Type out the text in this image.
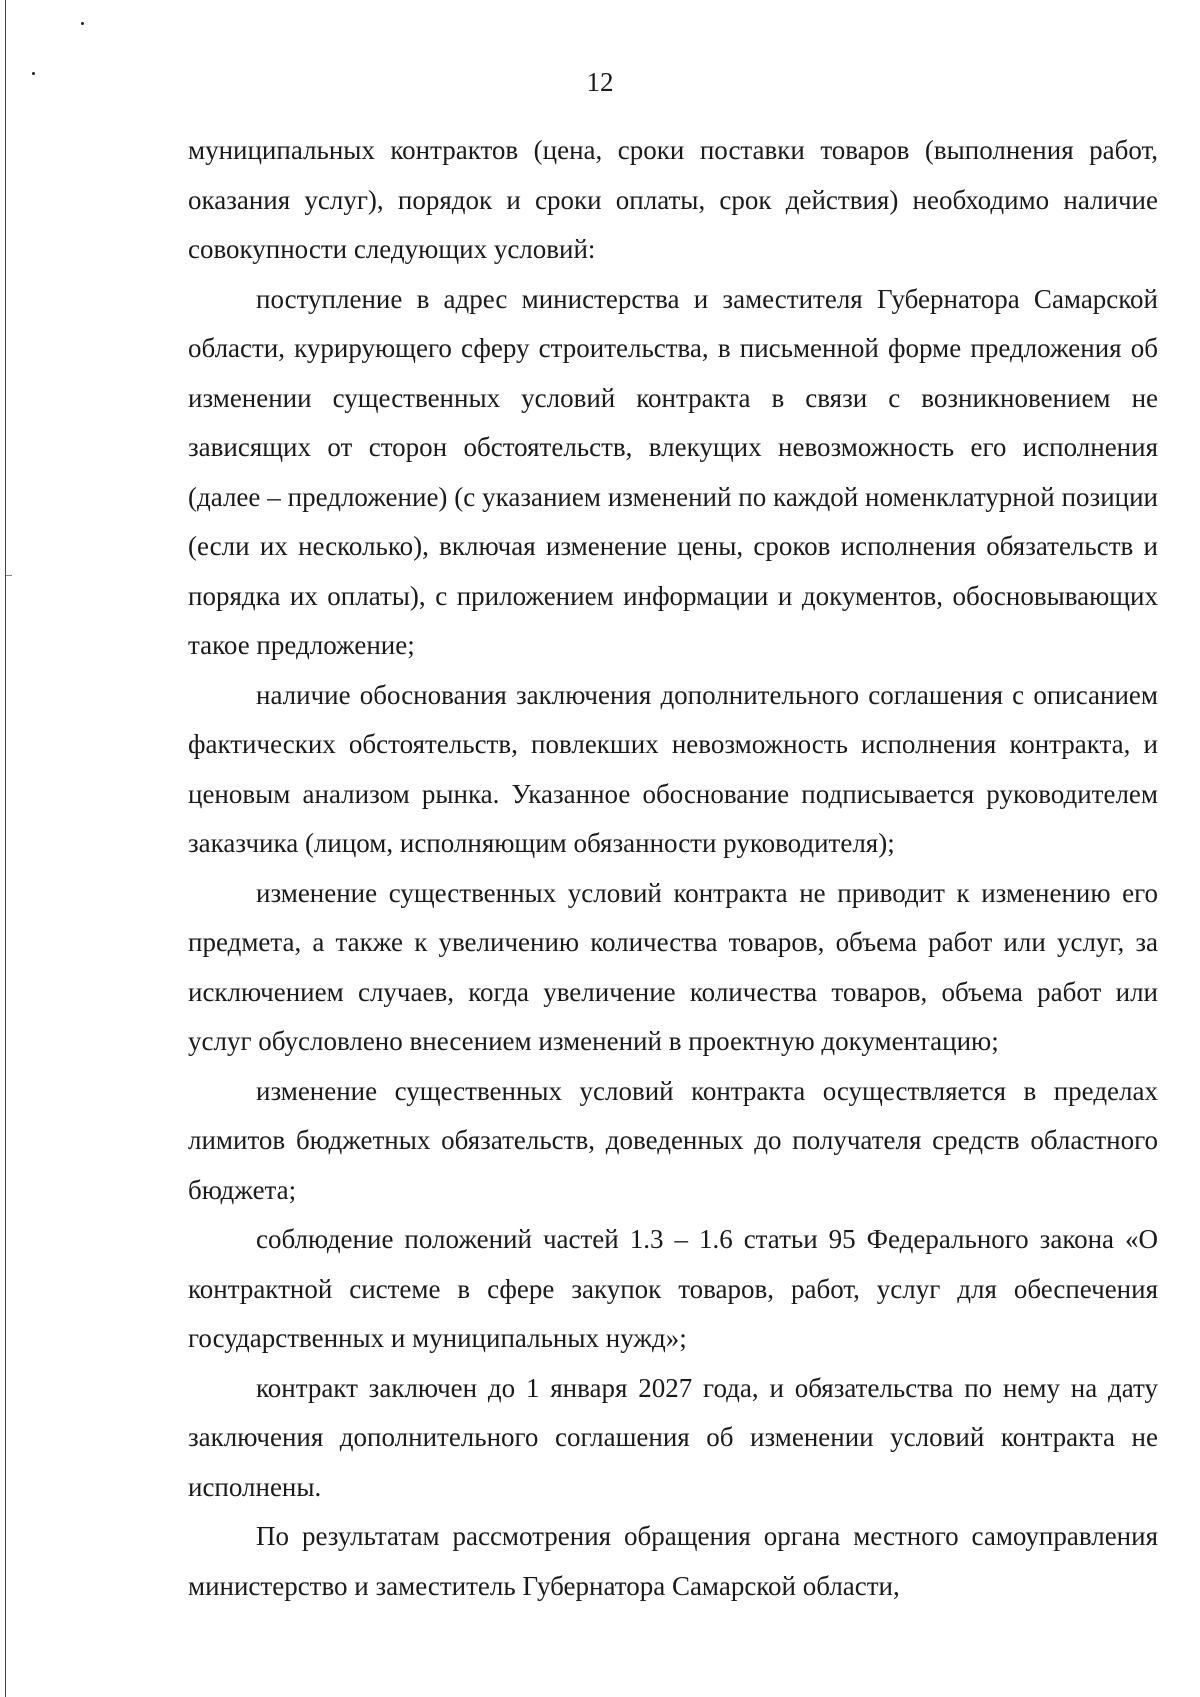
12

муниципальных контрактов (цена, сроки поставки товаров (выполнения работ, оказания услуг), порядок и сроки оплаты, срок действия) необходимо наличие совокупности следующих условий:

поступление в адрес министерства и заместителя Губернатора Самарской области, курирующего сферу строительства, в письменной форме предложения об изменении существенных условий контракта в связи с возникновением не зависящих от сторон обстоятельств, влекущих невозможность его исполнения (далее – предложение) (с указанием изменений по каждой номенклатурной позиции (если их несколько), включая изменение цены, сроков исполнения обязательств и порядка их оплаты), с приложением информации и документов, обосновывающих такое предложение;

наличие обоснования заключения дополнительного соглашения с описанием фактических обстоятельств, повлекших невозможность исполнения контракта, и ценовым анализом рынка. Указанное обоснование подписывается руководителем заказчика (лицом, исполняющим обязанности руководителя);

изменение существенных условий контракта не приводит к изменению его предмета, а также к увеличению количества товаров, объема работ или услуг, за исключением случаев, когда увеличение количества товаров, объема работ или услуг обусловлено внесением изменений в проектную документацию;

изменение существенных условий контракта осуществляется в пределах лимитов бюджетных обязательств, доведенных до получателя средств областного бюджета;

соблюдение положений частей 1.3 – 1.6 статьи 95 Федерального закона «О контрактной системе в сфере закупок товаров, работ, услуг для обеспечения государственных и муниципальных нужд»;

контракт заключен до 1 января 2027 года, и обязательства по нему на дату заключения дополнительного соглашения об изменении условий контракта не исполнены.

По результатам рассмотрения обращения органа местного самоуправления министерство и заместитель Губернатора Самарской области,
